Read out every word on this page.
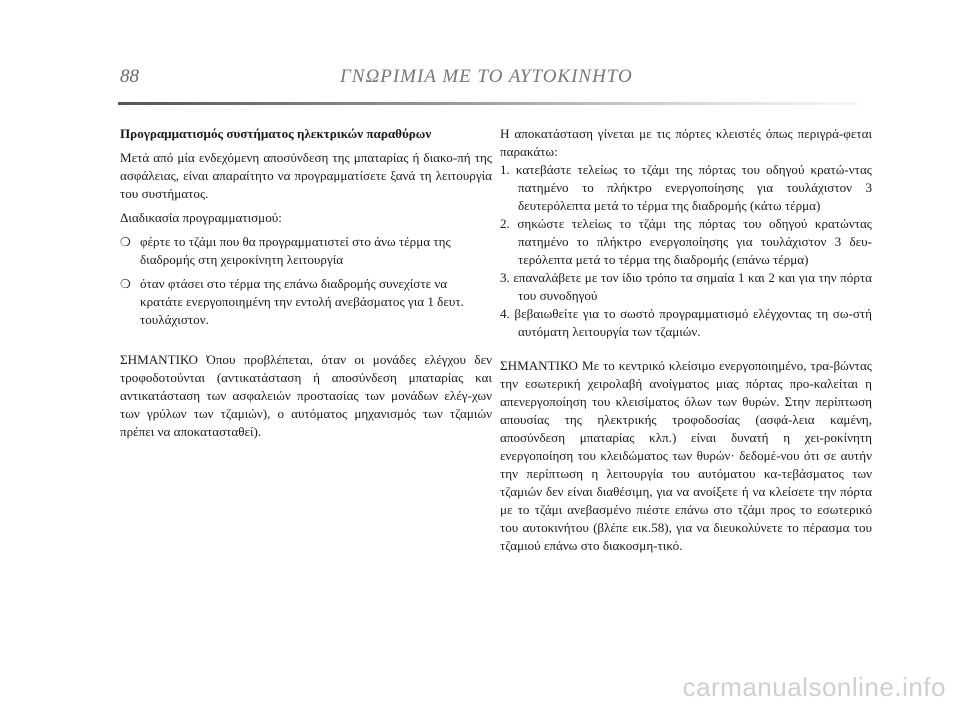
88	ΓΝΩΡΙΜΙΑ ΜΕ ΤΟ ΑΥΤΟΚΙΝΗΤΟ

Προγραμματισμός συστήματος ηλεκτρικών παραθύρων

Μετά από μία ενδεχόμενη αποσύνδεση της μπαταρίας ή διακο-πή της ασφάλειας, είναι απαραίτητο να προγραμματίσετε ξανά τη λειτουργία του συστήματος.

Διαδικασία προγραμματισμού:

❍ φέρτε το τζάμι που θα προγραμματιστεί στο άνω τέρμα της διαδρομής στη χειροκίνητη λειτουργία
❍ όταν φτάσει στο τέρμα της επάνω διαδρομής συνεχίστε να κρατάτε ενεργοποιημένη την εντολή ανεβάσματος για 1 δευτ. τουλάχιστον.

ΣΗΜΑΝΤΙΚΟ Όπου προβλέπεται, όταν οι μονάδες ελέγχου δεν τροφοδοτούνται (αντικατάσταση ή αποσύνδεση μπαταρίας και αντικατάσταση των ασφαλειών προστασίας των μονάδων ελέγ-χων των γρύλων των τζαμιών), ο αυτόματος μηχανισμός των τζαμιών πρέπει να αποκατασταθεί).

Η αποκατάσταση γίνεται με τις πόρτες κλειστές όπως περιγρά-φεται παρακάτω:

1. κατεβάστε τελείως το τζάμι της πόρτας του οδηγού κρατώ-ντας πατημένο το πλήκτρο ενεργοποίησης για τουλάχιστον 3 δευτερόλεπτα μετά το τέρμα της διαδρομής (κάτω τέρμα)

2. σηκώστε τελείως το τζάμι της πόρτας του οδηγού κρατώντας πατημένο το πλήκτρο ενεργοποίησης για τουλάχιστον 3 δευ-τερόλεπτα μετά το τέρμα της διαδρομής (επάνω τέρμα)

3. επαναλάβετε με τον ίδιο τρόπο τα σημαία 1 και 2 και για την πόρτα του συνοδηγού

4. βεβαιωθείτε για το σωστό προγραμματισμό ελέγχοντας τη σω-στή αυτόματη λειτουργία των τζαμιών.

ΣΗΜΑΝΤΙΚΟ Με το κεντρικό κλείσιμο ενεργοποιημένο, τρα-βώντας την εσωτερική χειρολαβή ανοίγματος μιας πόρτας προ-καλείται η απενεργοποίηση του κλεισίματος όλων των θυρών. Στην περίπτωση απουσίας της ηλεκτρικής τροφοδοσίας (ασφά-λεια καμένη, αποσύνδεση μπαταρίας κλπ.) είναι δυνατή η χει-ροκίνητη ενεργοποίηση του κλειδώματος των θυρών· δεδομέ-νου ότι σε αυτήν την περίπτωση η λειτουργία του αυτόματου κα-τεβάσματος των τζαμιών δεν είναι διαθέσιμη, για να ανοίξετε ή να κλείσετε την πόρτα με το τζάμι ανεβασμένο πιέστε επάνω στο τζάμι προς το εσωτερικό του αυτοκινήτου (βλέπε εικ.58), για να διευκολύνετε το πέρασμα του τζαμιού επάνω στο διακοσμη-τικό.

carmanualsonline.info
